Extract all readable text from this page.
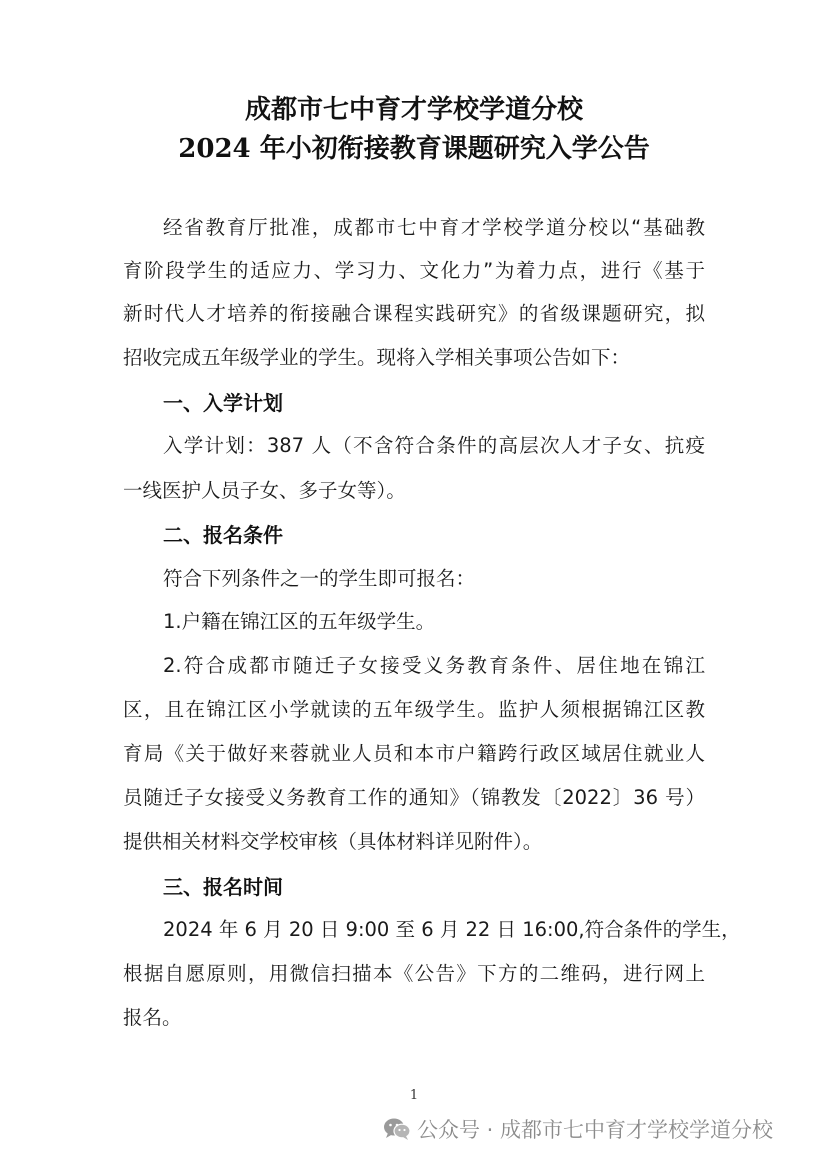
成都市七中育才学校学道分校
2024 年小初衔接教育课题研究入学公告
经省教育厅批准，成都市七中育才学校学道分校以“基础教
育阶段学生的适应力、学习力、文化力”为着力点，进行《基于
新时代人才培养的衔接融合课程实践研究》的省级课题研究，拟
招收完成五年级学业的学生。现将入学相关事项公告如下：
一、入学计划
入学计划：387 人（不含符合条件的高层次人才子女、抗疫
一线医护人员子女、多子女等）。
二、报名条件
符合下列条件之一的学生即可报名：
1.户籍在锦江区的五年级学生。
2.符合成都市随迁子女接受义务教育条件、居住地在锦江
区，且在锦江区小学就读的五年级学生。监护人须根据锦江区教
育局《关于做好来蓉就业人员和本市户籍跨行政区域居住就业人
员随迁子女接受义务教育工作的通知》（锦教发〔2022〕36 号）
提供相关材料交学校审核（具体材料详见附件）。
三、报名时间
2024 年 6 月 20 日 9:00 至 6 月 22 日 16:00,符合条件的学生，
根据自愿原则，用微信扫描本《公告》下方的二维码，进行网上
报名。
1
公众号 · 成都市七中育才学校学道分校
